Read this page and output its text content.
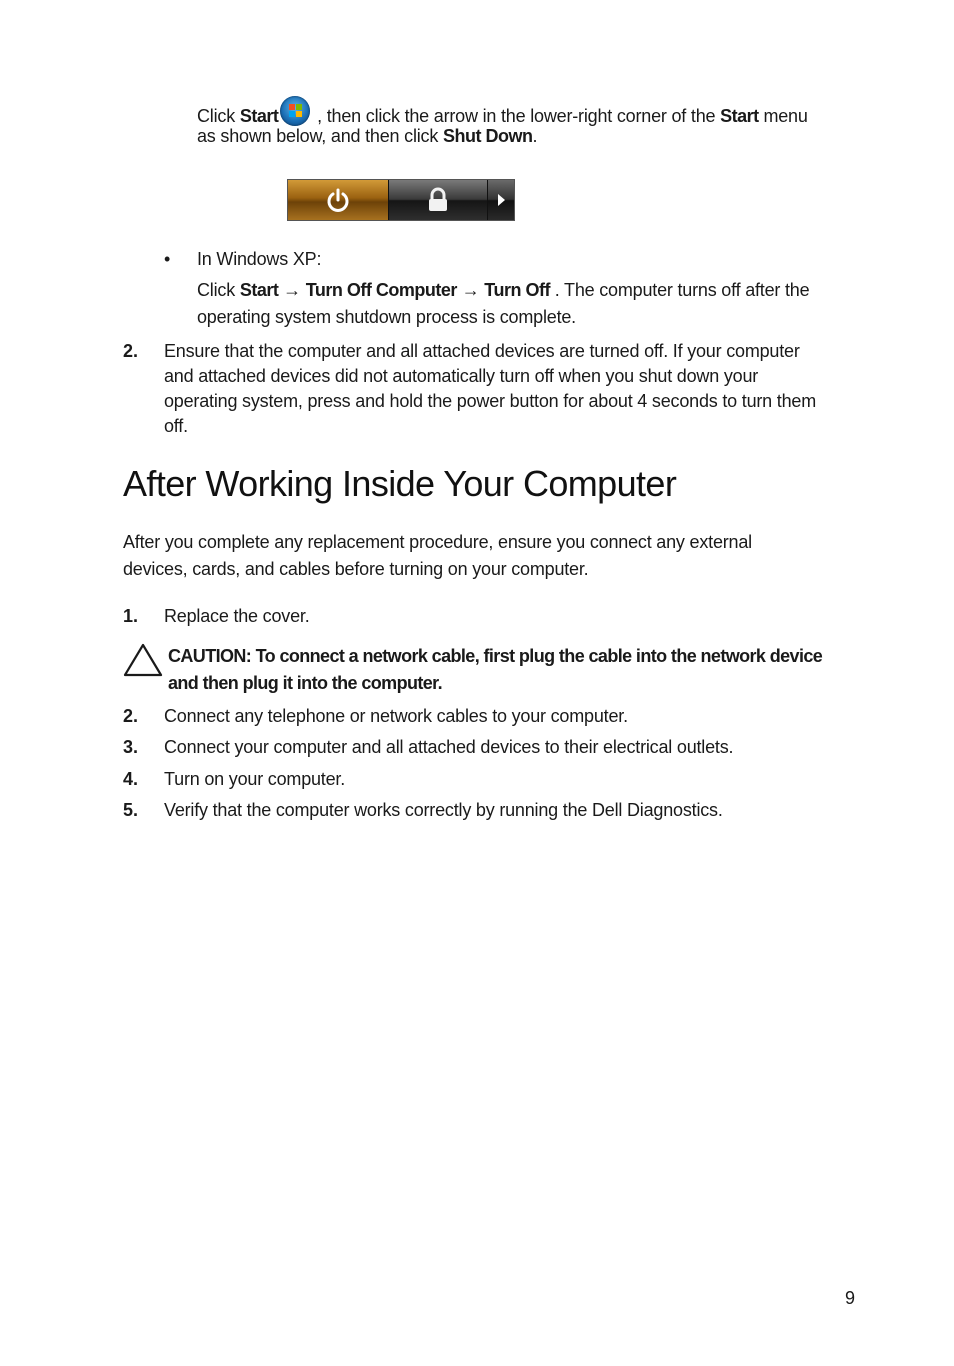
Click Start
, then click the arrow in the lower-right corner of the Start menu
as shown below, and then click Shut Down.
• In Windows XP:
Click Start → Turn Off Computer → Turn Off . The computer turns off after the
operating system shutdown process is complete.
2. Ensure that the computer and all attached devices are turned off. If your computer
and attached devices did not automatically turn off when you shut down your
operating system, press and hold the power button for about 4 seconds to turn them
off.
After Working Inside Your Computer
After you complete any replacement procedure, ensure you connect any external
devices, cards, and cables before turning on your computer.
1. Replace the cover.
CAUTION: To connect a network cable, first plug the cable into the network device
and then plug it into the computer.
2. Connect any telephone or network cables to your computer.
3. Connect your computer and all attached devices to their electrical outlets.
4. Turn on your computer.
5. Verify that the computer works correctly by running the Dell Diagnostics.
9
